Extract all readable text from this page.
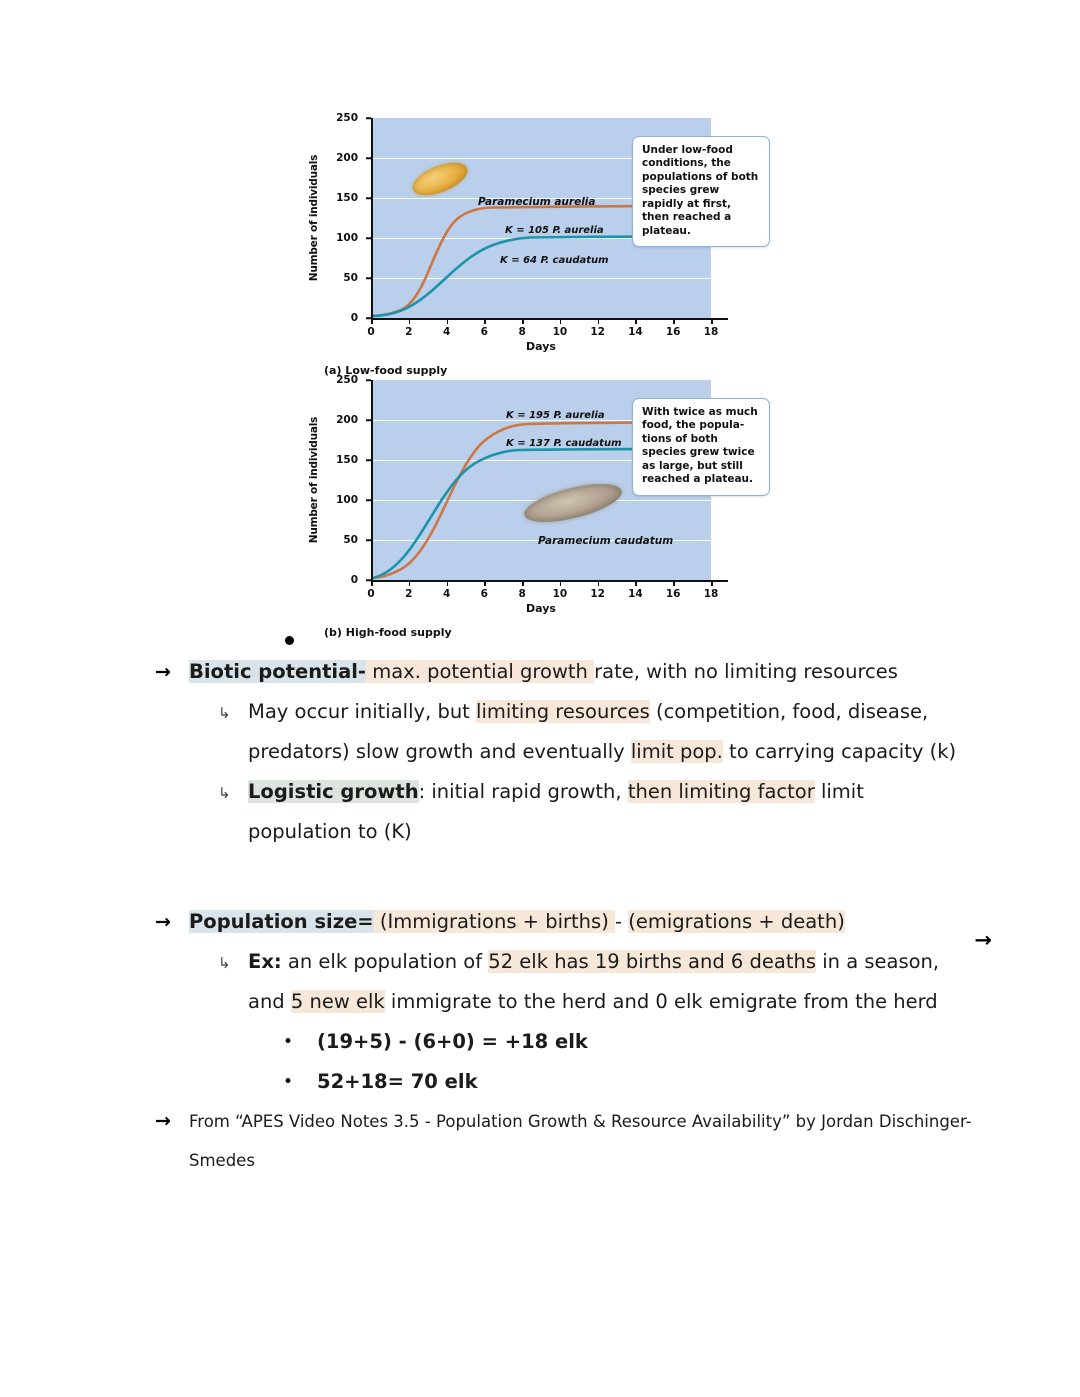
Number of individuals
250
200
150
100
50
0
Paramecium aurelia
K = 105 P. aurelia
K = 64 P. caudatum
0	2	4	6	8	10 12 14 16 18
Days
Under low-food conditions, the populations of both species grew rapidly at first, then reached a plateau.
(a) Low-food supply
Number of individuals
250
200
150
100
50
0
Paramecium caudatum
K = 195 P. aurelia
K = 137 P. caudatum
0	2	4	6	8	10 12 14 16 18
Days
With twice as much food, the popula-tions of both species grew twice as large, but still reached a plateau.
(b) High-food supply
→ Biotic potential- max. potential growth rate, with no limiting resources
↳ May occur initially, but limiting resources (competition, food, disease, predators) slow growth and eventually limit pop. to carrying capacity (k)
↳ Logistic growth: initial rapid growth, then limiting factor limit population to (K)
→
→ Population size= (Immigrations + births) - (emigrations + death)
↳ Ex: an elk population of 52 elk has 19 births and 6 deaths in a season, and 5 new elk immigrate to the herd and 0 elk emigrate from the herd
•	(19+5) - (6+0) = +18 elk
•	52+18= 70 elk
→	From “APES Video Notes 3.5 - Population Growth & Resource Availability” by Jordan Dischinger-Smedes
